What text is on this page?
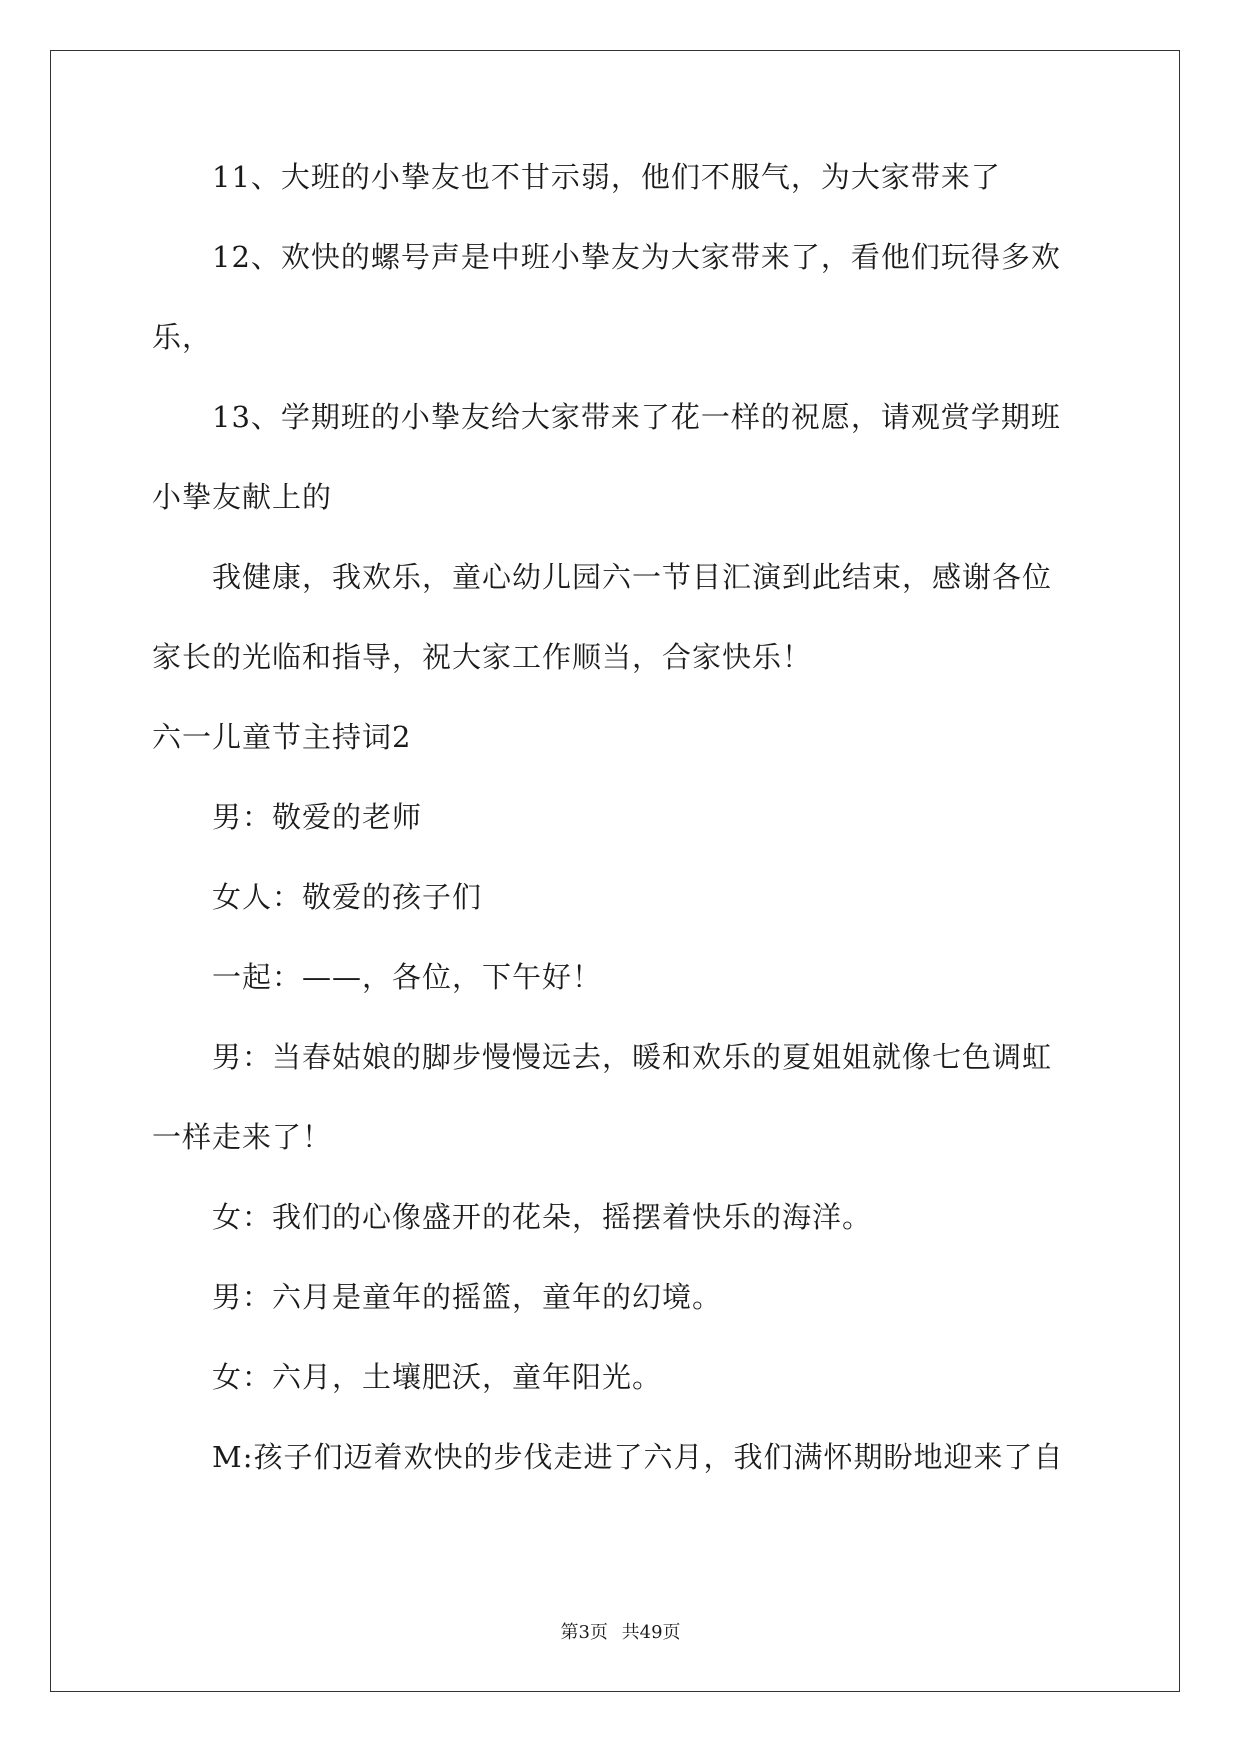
11、大班的小挚友也不甘示弱，他们不服气，为大家带来了
12、欢快的螺号声是中班小挚友为大家带来了，看他们玩得多欢
乐，
13、学期班的小挚友给大家带来了花一样的祝愿，请观赏学期班
小挚友献上的
我健康，我欢乐，童心幼儿园六一节目汇演到此结束，感谢各位
家长的光临和指导，祝大家工作顺当，合家快乐！
六一儿童节主持词2
男：敬爱的老师
女人：敬爱的孩子们
一起：——，各位，下午好！
男：当春姑娘的脚步慢慢远去，暖和欢乐的夏姐姐就像七色调虹
一样走来了！
女：我们的心像盛开的花朵，摇摆着快乐的海洋。
男：六月是童年的摇篮，童年的幻境。
女：六月，土壤肥沃，童年阳光。
M:孩子们迈着欢快的步伐走进了六月，我们满怀期盼地迎来了自
第3页 共49页
